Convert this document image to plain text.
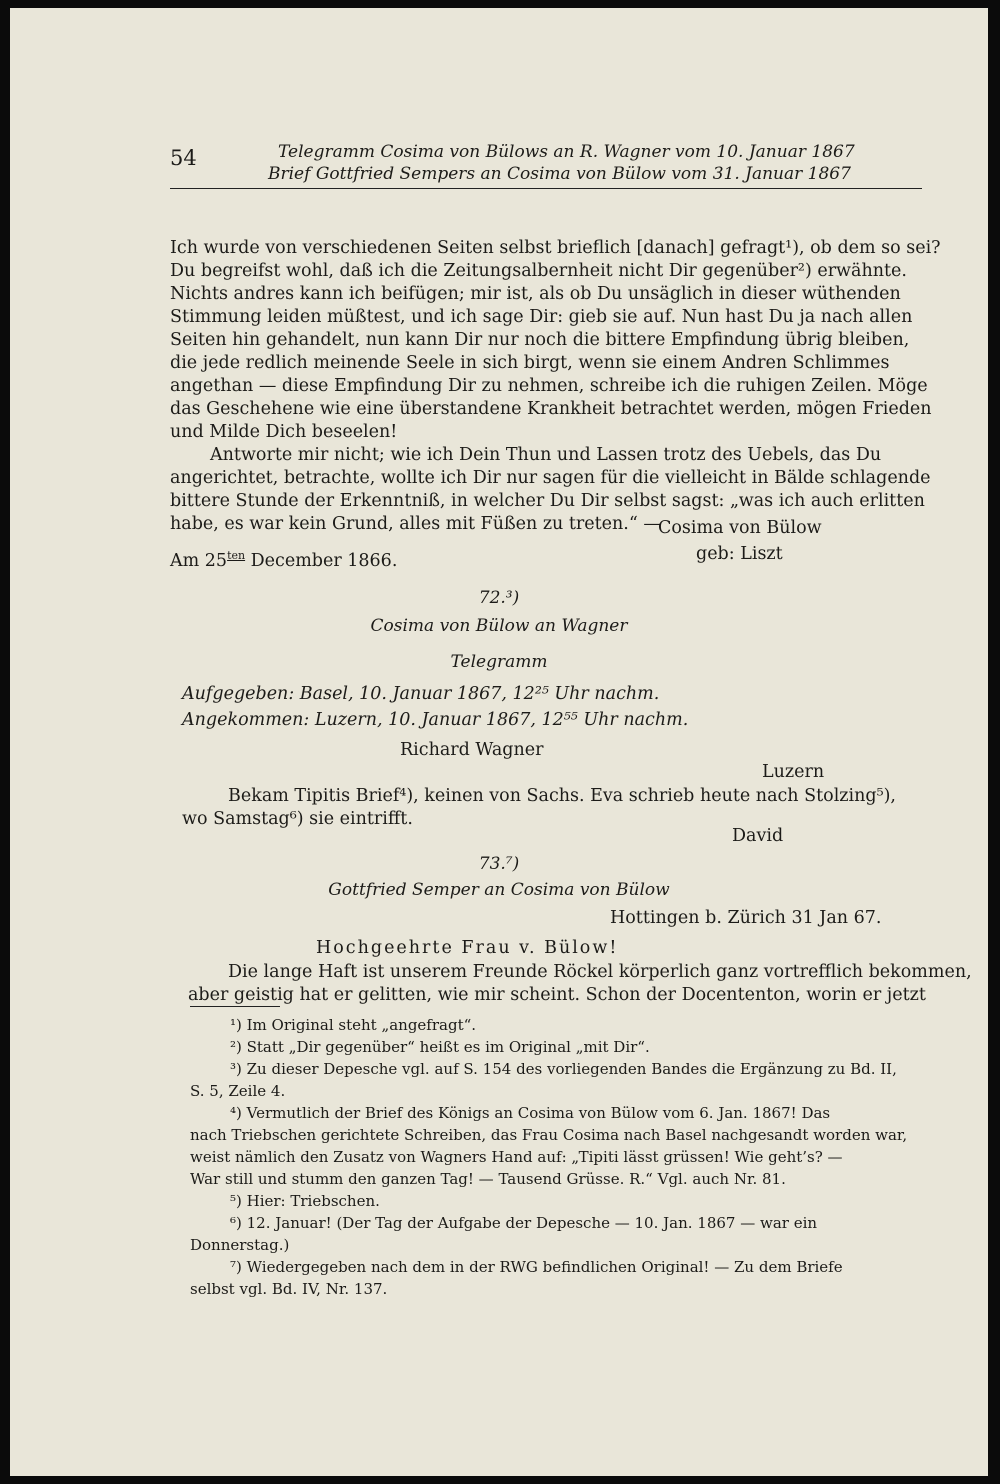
54	Telegramm Cosima von Bülows an R. Wagner vom 10. Januar 1867
Brief Gottfried Sempers an Cosima von Bülow vom 31. Januar 1867
Ich wurde von verschiedenen Seiten selbst brieflich [danach] gefragt¹), ob dem so sei?
Du begreifst wohl, daß ich die Zeitungsalbernheit nicht Dir gegenüber²) erwähnte.
Nichts andres kann ich beifügen; mir ist, als ob Du unsäglich in dieser wüthenden
Stimmung leiden müßtest, und ich sage Dir: gieb sie auf. Nun hast Du ja nach allen
Seiten hin gehandelt, nun kann Dir nur noch die bittere Empfindung übrig bleiben,
die jede redlich meinende Seele in sich birgt, wenn sie einem Andren Schlimmes
angethan — diese Empfindung Dir zu nehmen, schreibe ich die ruhigen Zeilen. Möge
das Geschehene wie eine überstandene Krankheit betrachtet werden, mögen Frieden
und Milde Dich beseelen!
Antworte mir nicht; wie ich Dein Thun und Lassen trotz des Uebels, das Du
angerichtet, betrachte, wollte ich Dir nur sagen für die vielleicht in Bälde schlagende
bittere Stunde der Erkenntniß, in welcher Du Dir selbst sagst: „was ich auch erlitten
habe, es war kein Grund, alles mit Füßen zu treten.“ —
Cosima von Bülow
Am $25^{ten}$ December 1866.	geb: Liszt
72.³)
Cosima von Bülow an Wagner
Telegramm
Aufgegeben: Basel, 10. Januar 1867, 12²⁵ Uhr nachm.
Angekommen: Luzern, 10. Januar 1867, 12⁵⁵ Uhr nachm.
Richard Wagner
Luzern
Bekam Tipitis Brief⁴), keinen von Sachs. Eva schrieb heute nach Stolzing⁵),
wo Samstag⁶) sie eintrifft.
David
73.⁷)
Gottfried Semper an Cosima von Bülow
Hottingen b. Zürich 31 Jan 67.
Hochgeehrte Frau v. Bülow!
Die lange Haft ist unserem Freunde Röckel körperlich ganz vortrefflich bekommen,
aber geistig hat er gelitten, wie mir scheint. Schon der Docententon, worin er jetzt
¹) Im Original steht „angefragt“.
²) Statt „Dir gegenüber“ heißt es im Original „mit Dir“.
³) Zu dieser Depesche vgl. auf S. 154 des vorliegenden Bandes die Ergänzung zu Bd. II,
S. 5, Zeile 4.
⁴) Vermutlich der Brief des Königs an Cosima von Bülow vom 6. Jan. 1867! Das
nach Triebschen gerichtete Schreiben, das Frau Cosima nach Basel nachgesandt worden war,
weist nämlich den Zusatz von Wagners Hand auf: „Tipiti lässt grüssen! Wie geht’s? —
War still und stumm den ganzen Tag! — Tausend Grüsse. R.“ Vgl. auch Nr. 81.
⁵) Hier: Triebschen.
⁶) 12. Januar! (Der Tag der Aufgabe der Depesche — 10. Jan. 1867 — war ein
Donnerstag.)
⁷) Wiedergegeben nach dem in der RWG befindlichen Original! — Zu dem Briefe
selbst vgl. Bd. IV, Nr. 137.
